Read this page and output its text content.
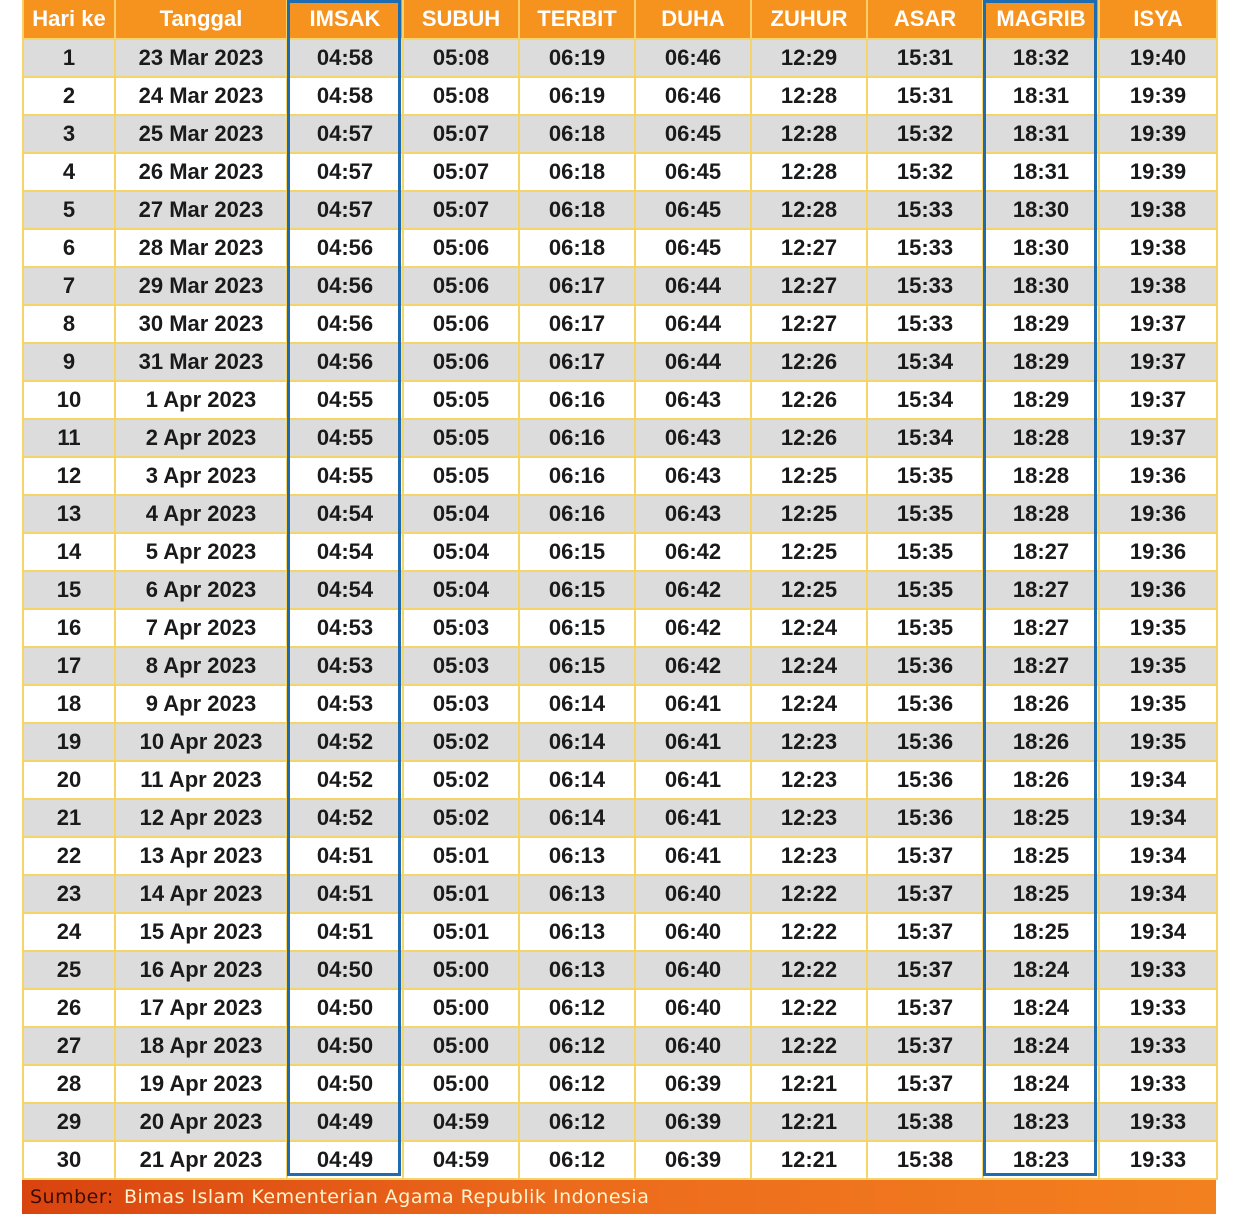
Hari ke	Tanggal	IMSAK	SUBUH	TERBIT	DUHA	ZUHUR	ASAR	MAGRIB	ISYA
1	23 Mar 2023	04:58	05:08	06:19	06:46	12:29	15:31	18:32	19:40
2	24 Mar 2023	04:58	05:08	06:19	06:46	12:28	15:31	18:31	19:39
3	25 Mar 2023	04:57	05:07	06:18	06:45	12:28	15:32	18:31	19:39
4	26 Mar 2023	04:57	05:07	06:18	06:45	12:28	15:32	18:31	19:39
5	27 Mar 2023	04:57	05:07	06:18	06:45	12:28	15:33	18:30	19:38
6	28 Mar 2023	04:56	05:06	06:18	06:45	12:27	15:33	18:30	19:38
7	29 Mar 2023	04:56	05:06	06:17	06:44	12:27	15:33	18:30	19:38
8	30 Mar 2023	04:56	05:06	06:17	06:44	12:27	15:33	18:29	19:37
9	31 Mar 2023	04:56	05:06	06:17	06:44	12:26	15:34	18:29	19:37
10	1 Apr 2023	04:55	05:05	06:16	06:43	12:26	15:34	18:29	19:37
11	2 Apr 2023	04:55	05:05	06:16	06:43	12:26	15:34	18:28	19:37
12	3 Apr 2023	04:55	05:05	06:16	06:43	12:25	15:35	18:28	19:36
13	4 Apr 2023	04:54	05:04	06:16	06:43	12:25	15:35	18:28	19:36
14	5 Apr 2023	04:54	05:04	06:15	06:42	12:25	15:35	18:27	19:36
15	6 Apr 2023	04:54	05:04	06:15	06:42	12:25	15:35	18:27	19:36
16	7 Apr 2023	04:53	05:03	06:15	06:42	12:24	15:35	18:27	19:35
17	8 Apr 2023	04:53	05:03	06:15	06:42	12:24	15:36	18:27	19:35
18	9 Apr 2023	04:53	05:03	06:14	06:41	12:24	15:36	18:26	19:35
19	10 Apr 2023	04:52	05:02	06:14	06:41	12:23	15:36	18:26	19:35
20	11 Apr 2023	04:52	05:02	06:14	06:41	12:23	15:36	18:26	19:34
21	12 Apr 2023	04:52	05:02	06:14	06:41	12:23	15:36	18:25	19:34
22	13 Apr 2023	04:51	05:01	06:13	06:41	12:23	15:37	18:25	19:34
23	14 Apr 2023	04:51	05:01	06:13	06:40	12:22	15:37	18:25	19:34
24	15 Apr 2023	04:51	05:01	06:13	06:40	12:22	15:37	18:25	19:34
25	16 Apr 2023	04:50	05:00	06:13	06:40	12:22	15:37	18:24	19:33
26	17 Apr 2023	04:50	05:00	06:12	06:40	12:22	15:37	18:24	19:33
27	18 Apr 2023	04:50	05:00	06:12	06:40	12:22	15:37	18:24	19:33
28	19 Apr 2023	04:50	05:00	06:12	06:39	12:21	15:37	18:24	19:33
29	20 Apr 2023	04:49	04:59	06:12	06:39	12:21	15:38	18:23	19:33
30	21 Apr 2023	04:49	04:59	06:12	06:39	12:21	15:38	18:23	19:33
Sumber: Bimas Islam Kementerian Agama Republik Indonesia
